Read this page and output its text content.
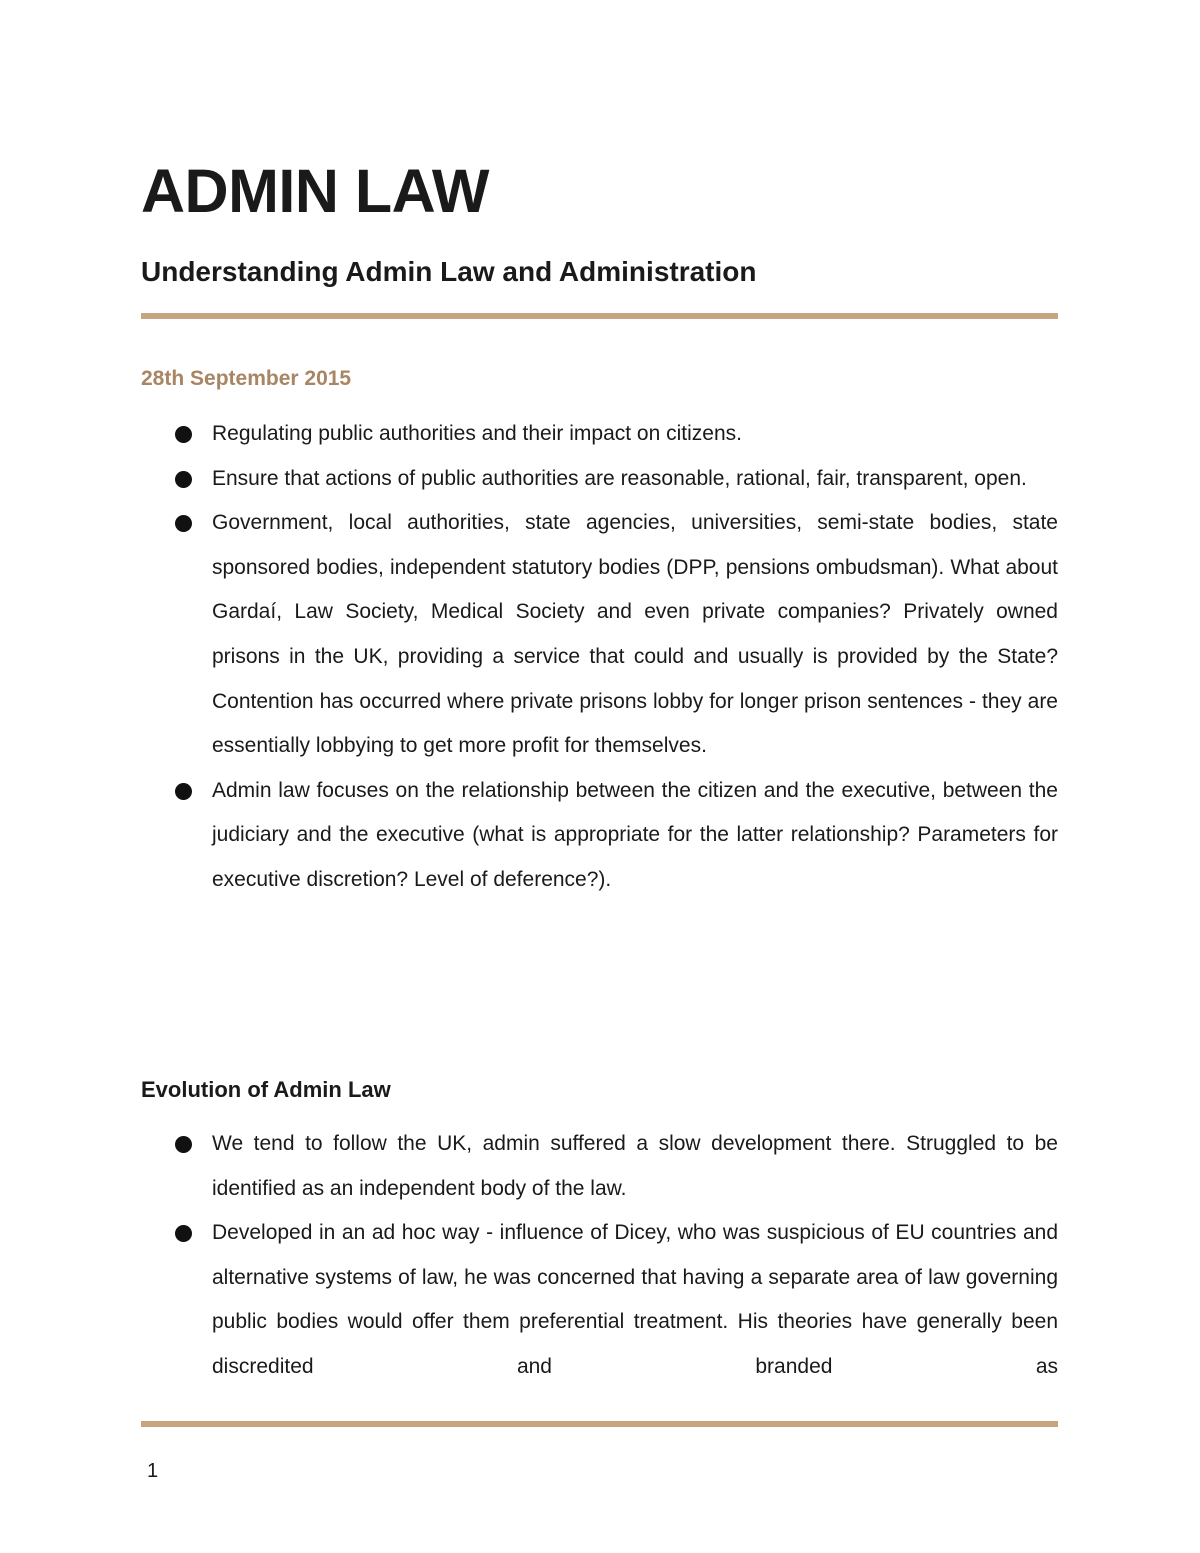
ADMIN LAW
Understanding Admin Law and Administration

28th September 2015

Regulating public authorities and their impact on citizens.
Ensure that actions of public authorities are reasonable, rational, fair, transparent, open.
Government, local authorities, state agencies, universities, semi-state bodies, state sponsored bodies, independent statutory bodies (DPP, pensions ombudsman). What about Gardaí, Law Society, Medical Society and even private companies? Privately owned prisons in the UK, providing a service that could and usually is provided by the State? Contention has occurred where private prisons lobby for longer prison sentences - they are essentially lobbying to get more profit for themselves.
Admin law focuses on the relationship between the citizen and the executive, between the judiciary and the executive (what is appropriate for the latter relationship? Parameters for executive discretion? Level of deference?).
Evolution of Admin Law
We tend to follow the UK, admin suffered a slow development there. Struggled to be identified as an independent body of the law.
Developed in an ad hoc way - influence of Dicey, who was suspicious of EU countries and alternative systems of law, he was concerned that having a separate area of law governing public bodies would offer them preferential treatment. His theories have generally been discredited and branded as
1
